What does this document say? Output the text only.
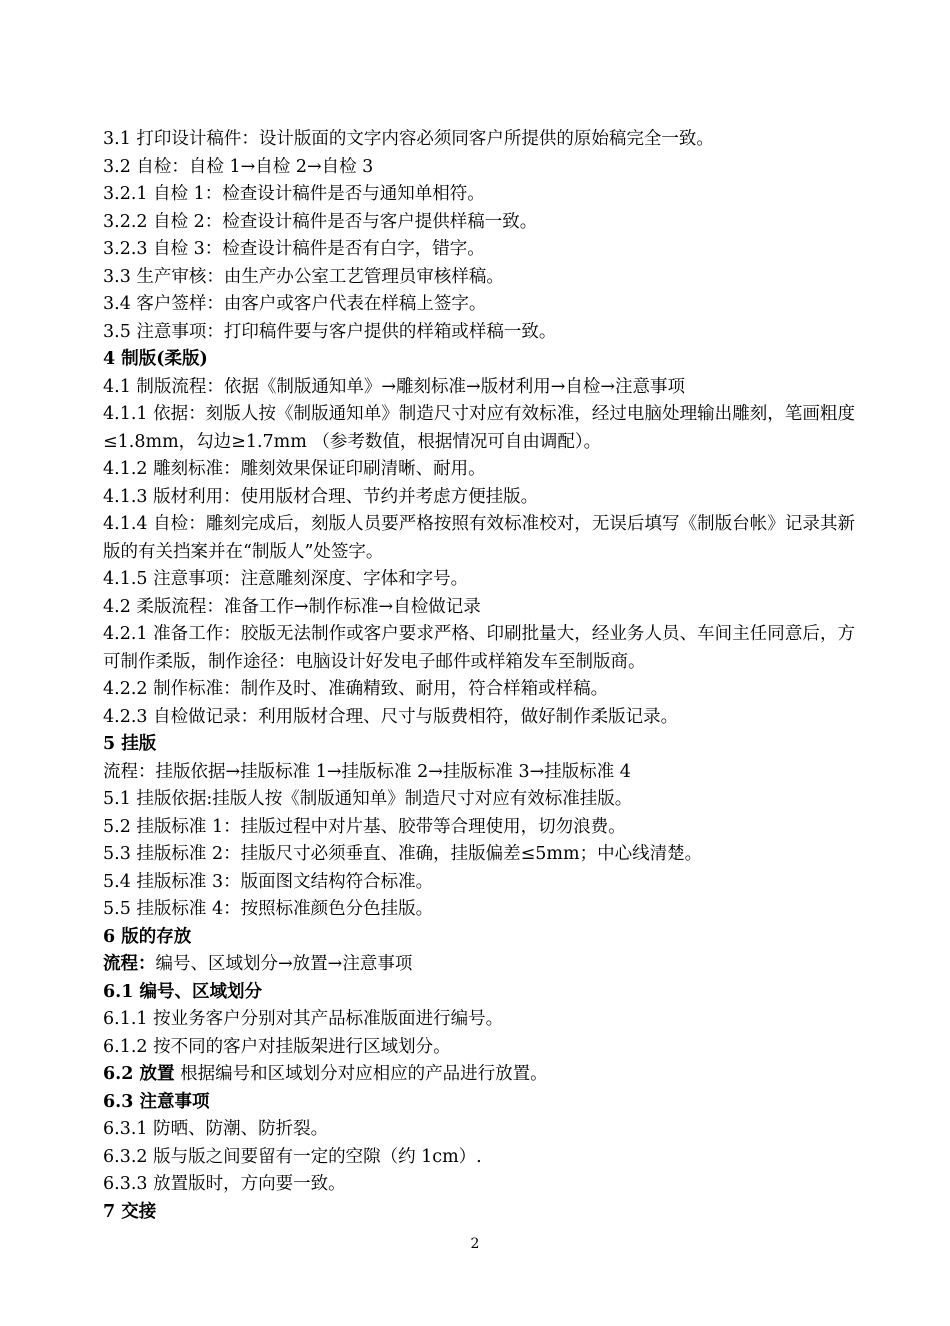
3.1 打印设计稿件：设计版面的文字内容必须同客户所提供的原始稿完全一致。
3.2 自检：自检 1→自检 2→自检 3
3.2.1 自检 1：检查设计稿件是否与通知单相符。
3.2.2 自检 2：检查设计稿件是否与客户提供样稿一致。
3.2.3 自检 3：检查设计稿件是否有白字，错字。
3.3 生产审核：由生产办公室工艺管理员审核样稿。
3.4 客户签样：由客户或客户代表在样稿上签字。
3.5 注意事项：打印稿件要与客户提供的样箱或样稿一致。
4 制版(柔版)
4.1 制版流程：依据《制版通知单》→雕刻标准→版材利用→自检→注意事项
4.1.1 依据：刻版人按《制版通知单》制造尺寸对应有效标准，经过电脑处理输出雕刻，笔画粗度≤1.8mm，勾边≥1.7mm （参考数值，根据情况可自由调配）。
4.1.2 雕刻标准：雕刻效果保证印刷清晰、耐用。
4.1.3 版材利用：使用版材合理、节约并考虑方便挂版。
4.1.4 自检：雕刻完成后，刻版人员要严格按照有效标准校对，无误后填写《制版台帐》记录其新版的有关挡案并在“制版人”处签字。
4.1.5 注意事项：注意雕刻深度、字体和字号。
4.2 柔版流程：准备工作→制作标准→自检做记录
4.2.1 准备工作：胶版无法制作或客户要求严格、印刷批量大，经业务人员、车间主任同意后，方可制作柔版，制作途径：电脑设计好发电子邮件或样箱发车至制版商。
4.2.2 制作标准：制作及时、准确精致、耐用，符合样箱或样稿。
4.2.3 自检做记录：利用版材合理、尺寸与版费相符，做好制作柔版记录。
5 挂版
流程：挂版依据→挂版标准 1→挂版标准 2→挂版标准 3→挂版标准 4
5.1 挂版依据:挂版人按《制版通知单》制造尺寸对应有效标准挂版。
5.2 挂版标准 1：挂版过程中对片基、胶带等合理使用，切勿浪费。
5.3 挂版标准 2：挂版尺寸必须垂直、准确，挂版偏差≤5mm；中心线清楚。
5.4 挂版标准 3：版面图文结构符合标准。
5.5 挂版标准 4：按照标准颜色分色挂版。
6 版的存放
流程：编号、区域划分→放置→注意事项
6.1 编号、区域划分
6.1.1 按业务客户分别对其产品标准版面进行编号。
6.1.2 按不同的客户对挂版架进行区域划分。
6.2 放置 根据编号和区域划分对应相应的产品进行放置。
6.3 注意事项
6.3.1 防晒、防潮、防折裂。
6.3.2 版与版之间要留有一定的空隙（约 1cm）.
6.3.3 放置版时，方向要一致。
7 交接
2
